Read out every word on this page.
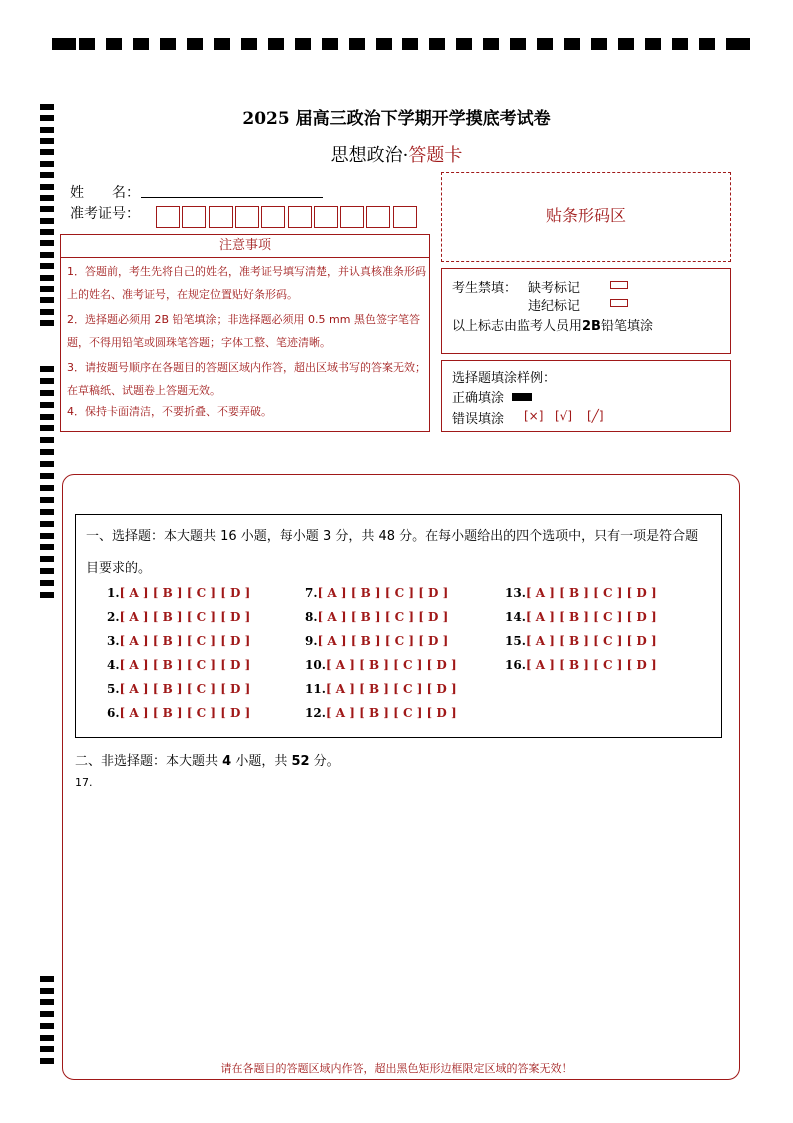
2025 届高三政治下学期开学摸底考试卷
思想政治·答题卡
姓　　名：
准考证号：	贴条形码区
注意事项
1．答题前，考生先将自己的姓名，准考证号填写清楚，并认真核准条形码上的姓名、准考证号，在规定位置贴好条形码。
2．选择题必须用 2B 铅笔填涂；非选择题必须用 0.5 mm 黑色签字笔答题，不得用铅笔或圆珠笔答题；字体工整、笔迹清晰。
3．请按题号顺序在各题目的答题区域内作答，超出区域书写的答案无效；在草稿纸、试题卷上答题无效。
4．保持卡面清洁，不要折叠、不要弄破。
考生禁填： 缺考标记
违纪标记
以上标志由监考人员用2B铅笔填涂
选择题填涂样例：
正确填涂
错误填涂 [×] [√] [╱]
一、选择题：本大题共 16 小题，每小题 3 分，共 48 分。在每小题给出的四个选项中，只有一项是符合题目要求的。
1.[ A ] [ B ] [ C ] [ D ]
2.[ A ] [ B ] [ C ] [ D ]
3.[ A ] [ B ] [ C ] [ D ]
4.[ A ] [ B ] [ C ] [ D ]
5.[ A ] [ B ] [ C ] [ D ]
6.[ A ] [ B ] [ C ] [ D ]
7.[ A ] [ B ] [ C ] [ D ]
8.[ A ] [ B ] [ C ] [ D ]
9.[ A ] [ B ] [ C ] [ D ]
10.[ A ] [ B ] [ C ] [ D ]
11.[ A ] [ B ] [ C ] [ D ]
12.[ A ] [ B ] [ C ] [ D ]
13.[ A ] [ B ] [ C ] [ D ]
14.[ A ] [ B ] [ C ] [ D ]
15.[ A ] [ B ] [ C ] [ D ]
16.[ A ] [ B ] [ C ] [ D ]
二、非选择题：本大题共 4 小题，共 52 分。
17.
请在各题目的答题区域内作答，超出黑色矩形边框限定区域的答案无效！
